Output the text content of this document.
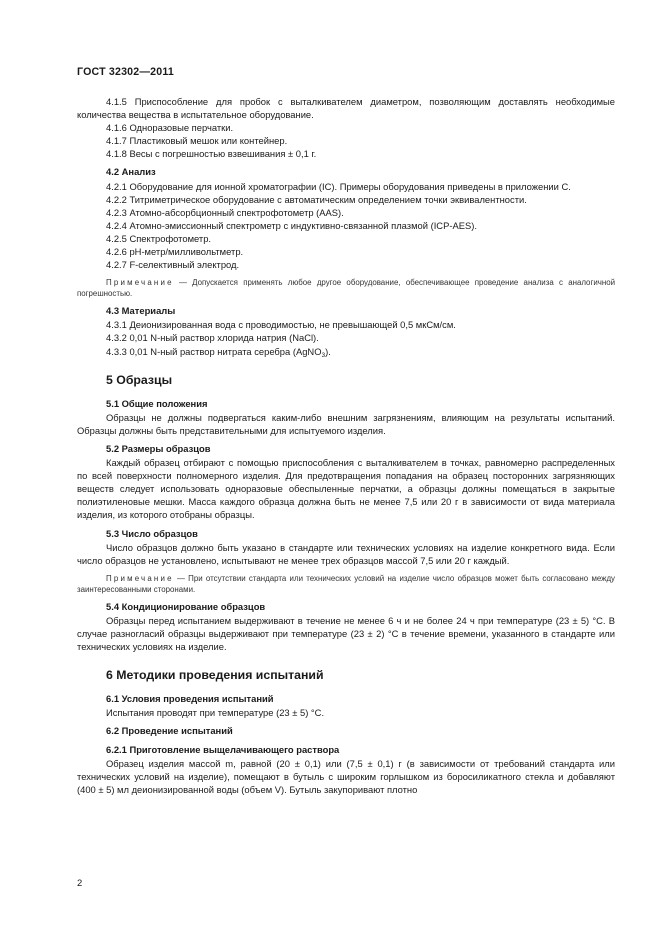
ГОСТ 32302—2011

4.1.5 Приспособление для пробок с выталкивателем диаметром, позволяющим доставлять необходимые количества вещества в испытательное оборудование.

4.1.6 Одноразовые перчатки.

4.1.7 Пластиковый мешок или контейнер.

4.1.8 Весы с погрешностью взвешивания ± 0,1 г.

4.2 Анализ

4.2.1 Оборудование для ионной хроматографии (IC). Примеры оборудования приведены в приложении С.

4.2.2 Титриметрическое оборудование с автоматическим определением точки эквивалентности.

4.2.3 Атомно-абсорбционный спектрофотометр (AAS).

4.2.4 Атомно-эмиссионный спектрометр с индуктивно-связанной плазмой (ICP-AES).

4.2.5 Спектрофотометр.

4.2.6 pH-метр/милливольтметр.

4.2.7 F-селективный электрод.

Примечание — Допускается применять любое другое оборудование, обеспечивающее проведение анализа с аналогичной погрешностью.

4.3 Материалы

4.3.1 Деионизированная вода с проводимостью, не превышающей 0,5 мкСм/см.

4.3.2 0,01 N-ный раствор хлорида натрия (NaCl).

4.3.3 0,01 N-ный раствор нитрата серебра (AgNO$_3$).

5 Образцы
5.1 Общие положения

Образцы не должны подвергаться каким-либо внешним загрязнениям, влияющим на результаты испытаний. Образцы должны быть представительными для испытуемого изделия.

5.2 Размеры образцов

Каждый образец отбирают с помощью приспособления с выталкивателем в точках, равномерно распределенных по всей поверхности полномерного изделия. Для предотвращения попадания на образец посторонних загрязняющих веществ следует использовать одноразовые обеспыленные перчатки, а образцы должны помещаться в закрытые полиэтиленовые мешки. Масса каждого образца должна быть не менее 7,5 или 20 г в зависимости от вида материала изделия, из которого отобраны образцы.

5.3 Число образцов

Число образцов должно быть указано в стандарте или технических условиях на изделие конкретного вида. Если число образцов не установлено, испытывают не менее трех образцов массой 7,5 или 20 г каждый.

Примечание — При отсутствии стандарта или технических условий на изделие число образцов может быть согласовано между заинтересованными сторонами.

5.4 Кондиционирование образцов

Образцы перед испытанием выдерживают в течение не менее 6 ч и не более 24 ч при температуре (23 ± 5) °С. В случае разногласий образцы выдерживают при температуре (23 ± 2) °С в течение времени, указанного в стандарте или технических условиях на изделие.

6 Методики проведения испытаний
6.1 Условия проведения испытаний

Испытания проводят при температуре (23 ± 5) °С.

6.2 Проведение испытаний
6.2.1 Приготовление выщелачивающего раствора

Образец изделия массой m, равной (20 ± 0,1) или (7,5 ± 0,1) г (в зависимости от требований стандарта или технических условий на изделие), помещают в бутыль с широким горлышком из боросиликатного стекла и добавляют (400 ± 5) мл деионизированной воды (объем V). Бутыль закупоривают плотно

2
